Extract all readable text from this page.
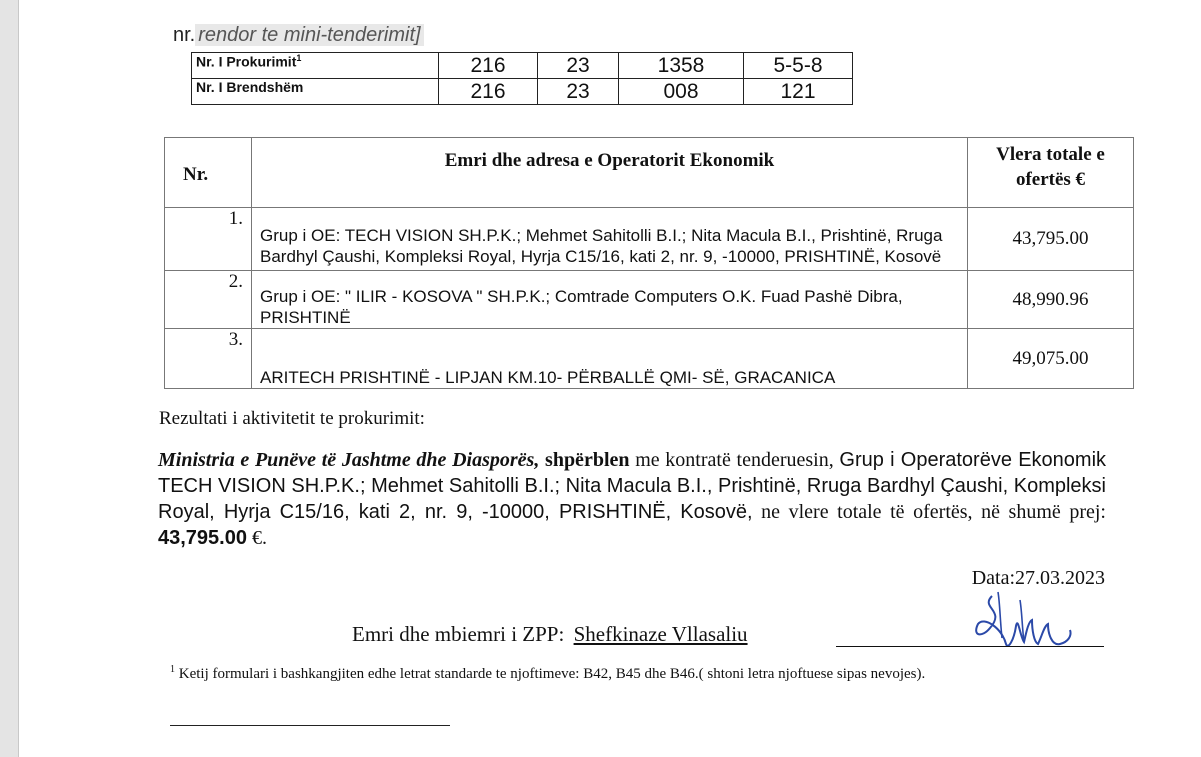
nr. rendor te mini-tenderimit]
Nr. I Prokurimit$^1$	216	23	1358	5-5-8
Nr. I Brendshëm	216	23	008	121
Nr.	Emri dhe adresa e Operatorit Ekonomik	Vlera totale e ofertës €
1.	Grup i OE: TECH VISION SH.P.K.; Mehmet Sahitolli B.I.; Nita Macula B.I., Prishtinë, Rruga Bardhyl Çaushi, Kompleksi Royal, Hyrja C15/16, kati 2, nr. 9, -10000, PRISHTINË, Kosovë	43,795.00
2.	Grup i OE: " ILIR - KOSOVA " SH.P.K.; Comtrade Computers O.K. Fuad Pashë Dibra, PRISHTINË	48,990.96
3.	ARITECH PRISHTINË - LIPJAN KM.10- PËRBALLË QMI- SË, GRACANICA	49,075.00
Rezultati i aktivitetit te prokurimit:
Ministria e Punëve të Jashtme dhe Diasporës, shpërblen me kontratë tenderuesin, Grup i Operatorëve Ekonomik TECH VISION SH.P.K.; Mehmet Sahitolli B.I.; Nita Macula B.I., Prishtinë, Rruga Bardhyl Çaushi, Kompleksi Royal, Hyrja C15/16, kati 2, nr. 9, -10000, PRISHTINË, Kosovë, ne vlere totale të ofertës, në shumë prej: 43,795.00 €.
Data:27.03.2023
Emri dhe mbiemri i ZPP: Shefkinaze Vllasaliu
$^1$ Ketij formulari i bashkangjiten edhe letrat standarde te njoftimeve: B42, B45 dhe B46.( shtoni letra njoftuese sipas nevojes).
